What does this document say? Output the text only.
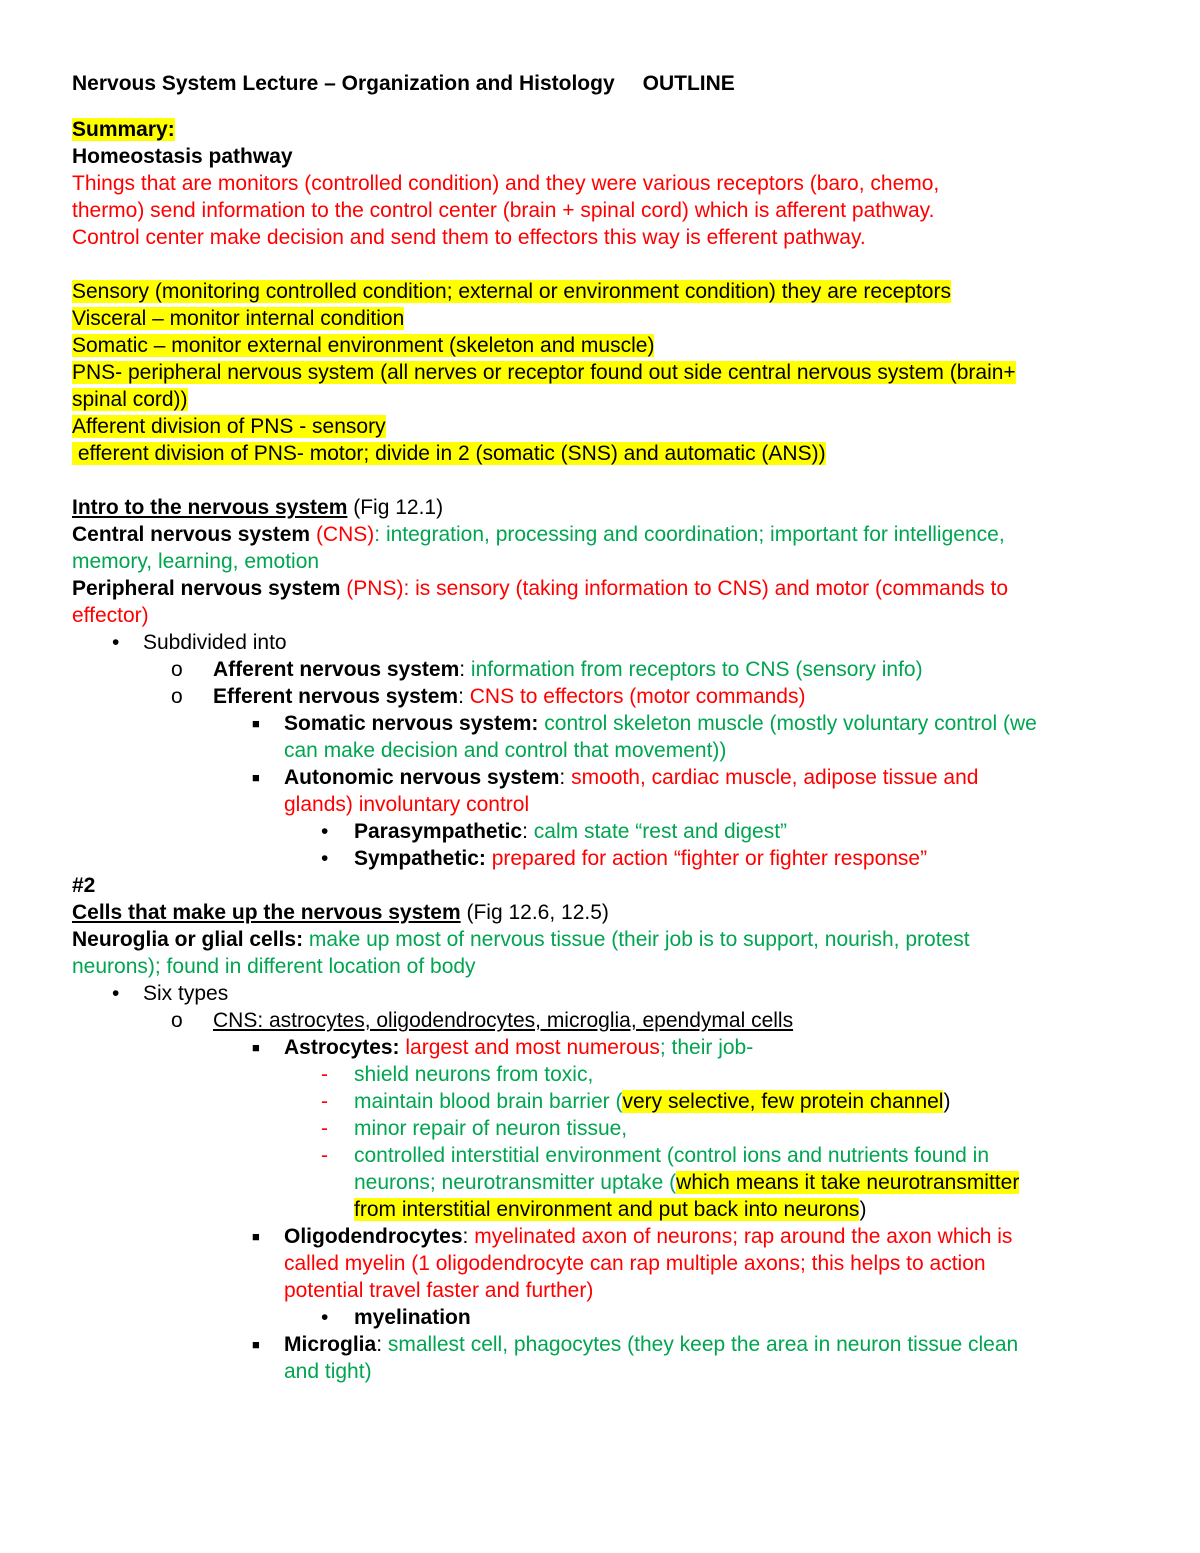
Nervous System Lecture – Organization and Histology OUTLINE
Summary:
Homeostasis pathway
Things that are monitors (controlled condition) and they were various receptors (baro, chemo,
thermo) send information to the control center (brain + spinal cord) which is afferent pathway.
Control center make decision and send them to effectors this way is efferent pathway.
Sensory (monitoring controlled condition; external or environment condition) they are receptors
Visceral – monitor internal condition
Somatic – monitor external environment (skeleton and muscle)
PNS- peripheral nervous system (all nerves or receptor found out side central nervous system (brain+
spinal cord))
Afferent division of PNS - sensory
efferent division of PNS- motor; divide in 2 (somatic (SNS) and automatic (ANS))
Intro to the nervous system (Fig 12.1)
Central nervous system (CNS): integration, processing and coordination; important for intelligence,
memory, learning, emotion
Peripheral nervous system (PNS): is sensory (taking information to CNS) and motor (commands to
effector)
• Subdivided into
o Afferent nervous system: information from receptors to CNS (sensory info)
o Efferent nervous system: CNS to effectors (motor commands)
■ Somatic nervous system: control skeleton muscle (mostly voluntary control (we
can make decision and control that movement))
■ Autonomic nervous system: smooth, cardiac muscle, adipose tissue and
glands) involuntary control
• Parasympathetic: calm state “rest and digest”
• Sympathetic: prepared for action “fighter or fighter response”
#2
Cells that make up the nervous system (Fig 12.6, 12.5)
Neuroglia or glial cells: make up most of nervous tissue (their job is to support, nourish, protest
neurons); found in different location of body
• Six types
o CNS: astrocytes, oligodendrocytes, microglia, ependymal cells
■ Astrocytes: largest and most numerous; their job-
- shield neurons from toxic,
- maintain blood brain barrier (very selective, few protein channel)
- minor repair of neuron tissue,
- controlled interstitial environment (control ions and nutrients found in
neurons; neurotransmitter uptake (which means it take neurotransmitter
from interstitial environment and put back into neurons)
■ Oligodendrocytes: myelinated axon of neurons; rap around the axon which is
called myelin (1 oligodendrocyte can rap multiple axons; this helps to action
potential travel faster and further)
• myelination
■ Microglia: smallest cell, phagocytes (they keep the area in neuron tissue clean
and tight)
